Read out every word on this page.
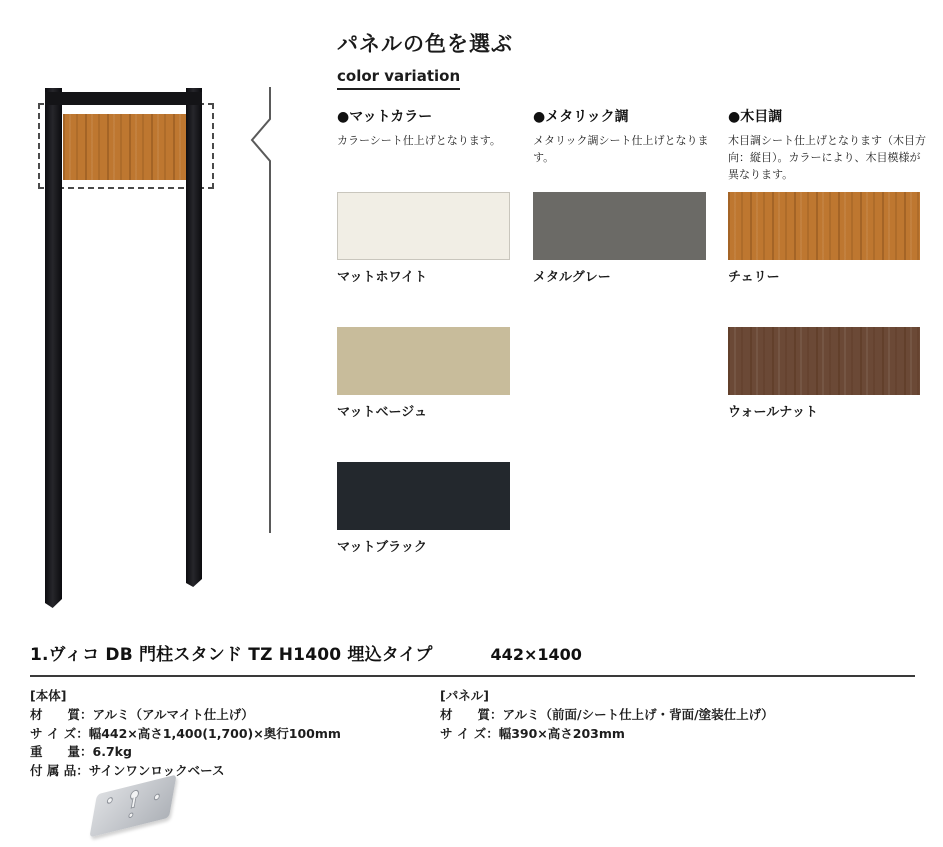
パネルの色を選ぶ
color variation
●マットカラー
カラーシート仕上げとなります。
マットホワイト
マットベージュ
マットブラック
●メタリック調
メタリック調シート仕上げとなります。
メタルグレー
●木目調
木目調シート仕上げとなります（木目方向：縦目）。カラーにより、木目模様が異なります。
チェリー
ウォールナット
1.ヴィコ DB 門柱スタンド TZ H1400 埋込タイプ	442×1400
[本体]
材　　質：アルミ（アルマイト仕上げ）
サ イ ズ：幅442×高さ1,400(1,700)×奥行100mm
重　　量：6.7kg
付 属 品：サインワンロックベース
[パネル]
材　　質：アルミ（前面/シート仕上げ・背面/塗装仕上げ）
サ イ ズ：幅390×高さ203mm
